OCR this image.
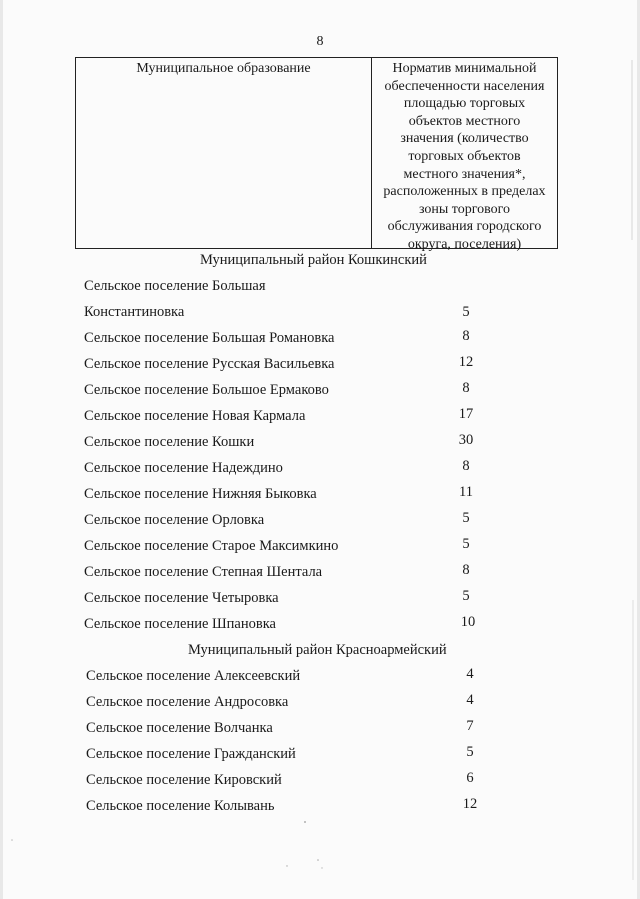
8
Муниципальное образование	Норматив минимальной
обеспеченности населения
площадью торговых
объектов местного
значения (количество
торговых объектов
местного значения*,
расположенных в пределах
зоны торгового
обслуживания городского
округа, поселения)
Муниципальный район Кошкинский
Сельское поселение Большая
Константиновка	5
Сельское поселение Большая Романовка	8
Сельское поселение Русская Васильевка	12
Сельское поселение Большое Ермаково	8
Сельское поселение Новая Кармала	17
Сельское поселение Кошки	30
Сельское поселение Надеждино	8
Сельское поселение Нижняя Быковка	11
Сельское поселение Орловка	5
Сельское поселение Старое Максимкино	5
Сельское поселение Степная Шентала	8
Сельское поселение Четыровка	5
Сельское поселение Шпановка	10
Муниципальный район Красноармейский
Сельское поселение Алексеевский	4
Сельское поселение Андросовка	4
Сельское поселение Волчанка	7
Сельское поселение Гражданский	5
Сельское поселение Кировский	6
Сельское поселение Колывань	12
